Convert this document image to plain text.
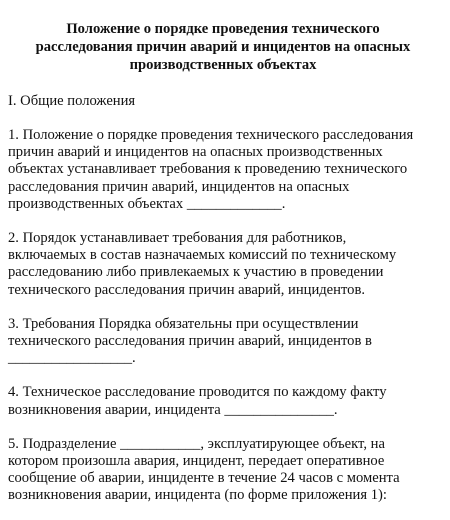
Положение о порядке проведения технического
расследования причин аварий и инцидентов на опасных
производственных объектах
I. Общие положения
1. Положение о порядке проведения технического расследования
причин аварий и инцидентов на опасных производственных
объектах устанавливает требования к проведению технического
расследования причин аварий, инцидентов на опасных
производственных объектах _____________.
2. Порядок устанавливает требования для работников,
включаемых в состав назначаемых комиссий по техническому
расследованию либо привлекаемых к участию в проведении
технического расследования причин аварий, инцидентов.
3. Требования Порядка обязательны при осуществлении
технического расследования причин аварий, инцидентов в
_________________.
4. Техническое расследование проводится по каждому факту
возникновения аварии, инцидента _______________.
5. Подразделение ___________, эксплуатирующее объект, на
котором произошла авария, инцидент, передает оперативное
сообщение об аварии, инциденте в течение 24 часов с момента
возникновения аварии, инцидента (по форме приложения 1):
